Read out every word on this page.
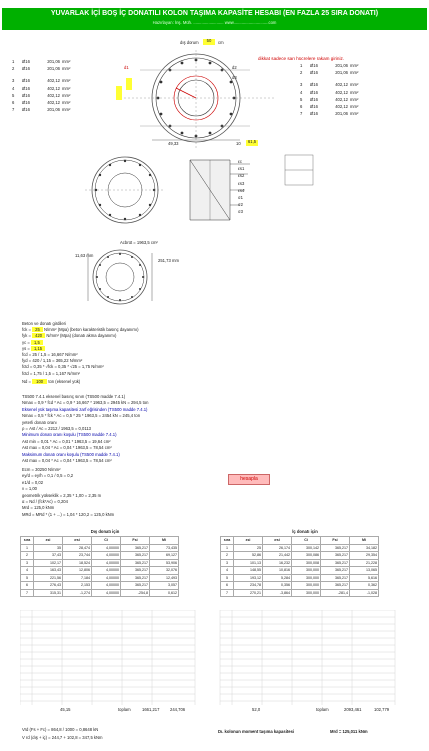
YUVARLAK İÇİ BOŞ İÇ DONATILI KOLON TAŞIMA KAPASİTE HESABI (EN FAZLA 25 SIRA DONATI)
Hazırlayan: İnş. Müh. .......................... www..............................com
dış dorum	50	cm
dikkat sadece sarı hücrelere rakam giriniz.
1 Ø16	201,06 mm²
2 Ø16	201,06 mm²
3 Ø16	402,12 mm²
4 Ø16	402,12 mm²
5 Ø16	402,12 mm²
6 Ø16	402,12 mm²
7 Ø16	201,06 mm²
1 Ø16	201,06 mm²
2 Ø16	201,06 mm²
3 Ø16	402,12 mm²
4 Ø16	402,12 mm²
5 Ø16	402,12 mm²
6 Ø16	402,12 mm²
7 Ø16	201,06 mm²
d1	d2
d3
49,33	10	61,5
εc
εs1
εs2
εs3
εs4
σ1
σ2
σ3
Acbrüt = 1963,5 cm²
11,63 mm
251,73 mm
Beton ve donatı girdileri
fck = 25 N/mm² (Mpa) (beton karakteristik basınç dayanımı)
fyk = 420 N/mm² (Mpa) (donatı akma dayanımı)
γc = 1,5
γs = 1,15
fcd = 25 / 1,5 = 16,667 N/mm²
fyd = 420 / 1,15 = 365,22 N/mm²
fctd = 0,35 * √fck = 0,35 * √25 = 1,75 N/mm²
fctd = 1,75 / 1,5 = 1,167 N/mm²
Nd = 100 ton (eksenel yük)
TS500 7.4.1 eksenel basınç sınırı (TS500 madde 7.4.1)
Nmax = 0,9 * fcd * Ac = 0,9 * 16,667 * 1963,5 = 2945 kN = 294,5 ton
Eksenel yük taşıma kapasitesi zarf eğrisinden (TS500 madde 7.4.1)
Nmax = 0,5 * fck * Ac = 0,5 * 25 * 1963,5 = 2454 kN = 245,4 ton
yeterli donatı oranı
ρ = Ast / Ac = 2212 / 1963,5 = 0,0113
Minimum donatı oranı koşulu (TS500 madde 7.4.1)
Ast min = 0,01 * Ac = 0,01 * 1963,5 = 19,64 cm²
Ast max = 0,04 * Ac = 0,04 * 1963,5 = 78,54 cm²
Maksimum donatı oranı koşulu (TS500 madde 7.4.1)
Ast max = 0,04 * Ac = 0,04 * 1963,5 = 78,54 cm²
Ecm = 30250 N/mm²
ey/d = ey/h = 0,1 / 0,5 = 0,2
e1/d = 0,02
ν = 1,00
geometrik yükseklik = 2,35 * 1,00 = 2,35 m
α = Nd / (fck*Ac) = 0,204
Mrd = 125,0 kNm
MRd = MRd * (1 + ...) = 1,04 * 120,2 = 125,0 kNm
hesapla
Dış donatı için
sıra	εsi	σsi	Ci	Fsi	Mi
1	35	28,474	4,00000	365,217	73,435
2	37,43	23,744	4,00000	365,217	69,127
3	102,17	18,524	4,00000	365,217	53,906
4	163,43	12,806	4,00000	365,217	32,076
5	221,56	7,184	4,00000	365,217	12,493
6	276,43	2,153	4,00000	365,217	3,057
7	315,31	-1,274	4,00000	-254,8	0,612
İç donatı için
sıra	εsi	σsi	Ci	Fsi	Mi
1	25	26,174	300,142	365,217	34,182
2	52,86	21,442	300,086	365,217	29,354
3	101,13	16,232	300,008	365,217	21,228
4	148,55	10,816	300,000	365,217	13,065
5	193,12	5,284	300,000	365,217	5,616
6	234,78	0,356	300,000	365,217	0,362
7	270,21	-3,864	300,000	-281,4	-1,028
45,15	toplam	1661,217	244,706	52,0	toplam	2093,461	102,779
Vrd (Fs + Fc) = 864,8 / 1000 = 0,8648 kN
V rd (dış + iç) = 244,7 + 102,8 = 347,5 kNm
Dı. kolonun moment taşıma kapasitesi	Mrd = 125,011 kNm
